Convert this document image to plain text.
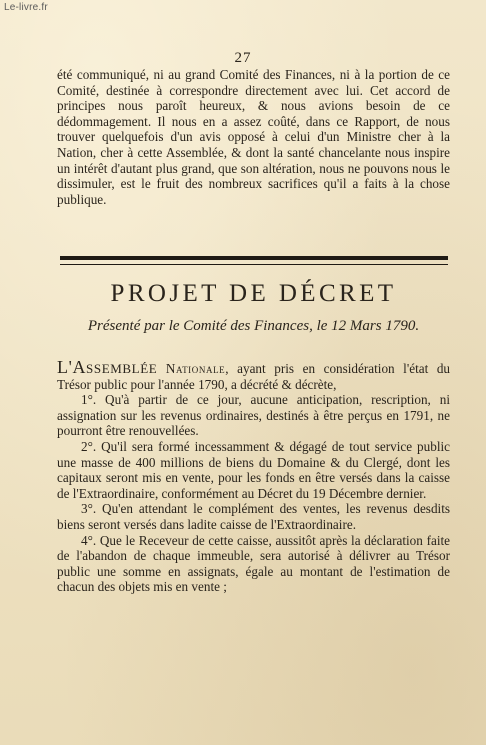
Le-livre.fr
27

été communiqué, ni au grand Comité des Finances, ni à la portion de ce Comité, destinée à correspondre directement avec lui. Cet accord de principes nous paroît heureux, & nous avions besoin de ce dédommagement. Il nous en a assez coûté, dans ce Rapport, de nous trouver quelquefois d'un avis opposé à celui d'un Ministre cher à la Nation, cher à cette Assemblée, & dont la santé chancelante nous inspire un intérêt d'autant plus grand, que son altération, nous ne pouvons nous le dissimuler, est le fruit des nombreux sacrifices qu'il a faits à la chose publique.

PROJET DE DÉCRET
Présenté par le Comité des Finances, le 12 Mars 1790.

L'Assemblée Nationale, ayant pris en considération l'état du Trésor public pour l'année 1790, a décrété & décrète,

1°. Qu'à partir de ce jour, aucune anticipation, rescription, ni assignation sur les revenus ordinaires, destinés à être perçus en 1791, ne pourront être renouvellées.

2°. Qu'il sera formé incessamment & dégagé de tout service public une masse de 400 millions de biens du Domaine & du Clergé, dont les capitaux seront mis en vente, pour les fonds en être versés dans la caisse de l'Extraordinaire, conformément au Décret du 19 Décembre dernier.

3°. Qu'en attendant le complément des ventes, les revenus desdits biens seront versés dans ladite caisse de l'Extraordinaire.

4°. Que le Receveur de cette caisse, aussitôt après la déclaration faite de l'abandon de chaque immeuble, sera autorisé à délivrer au Trésor public une somme en assignats, égale au montant de l'estimation de chacun des objets mis en vente ;
